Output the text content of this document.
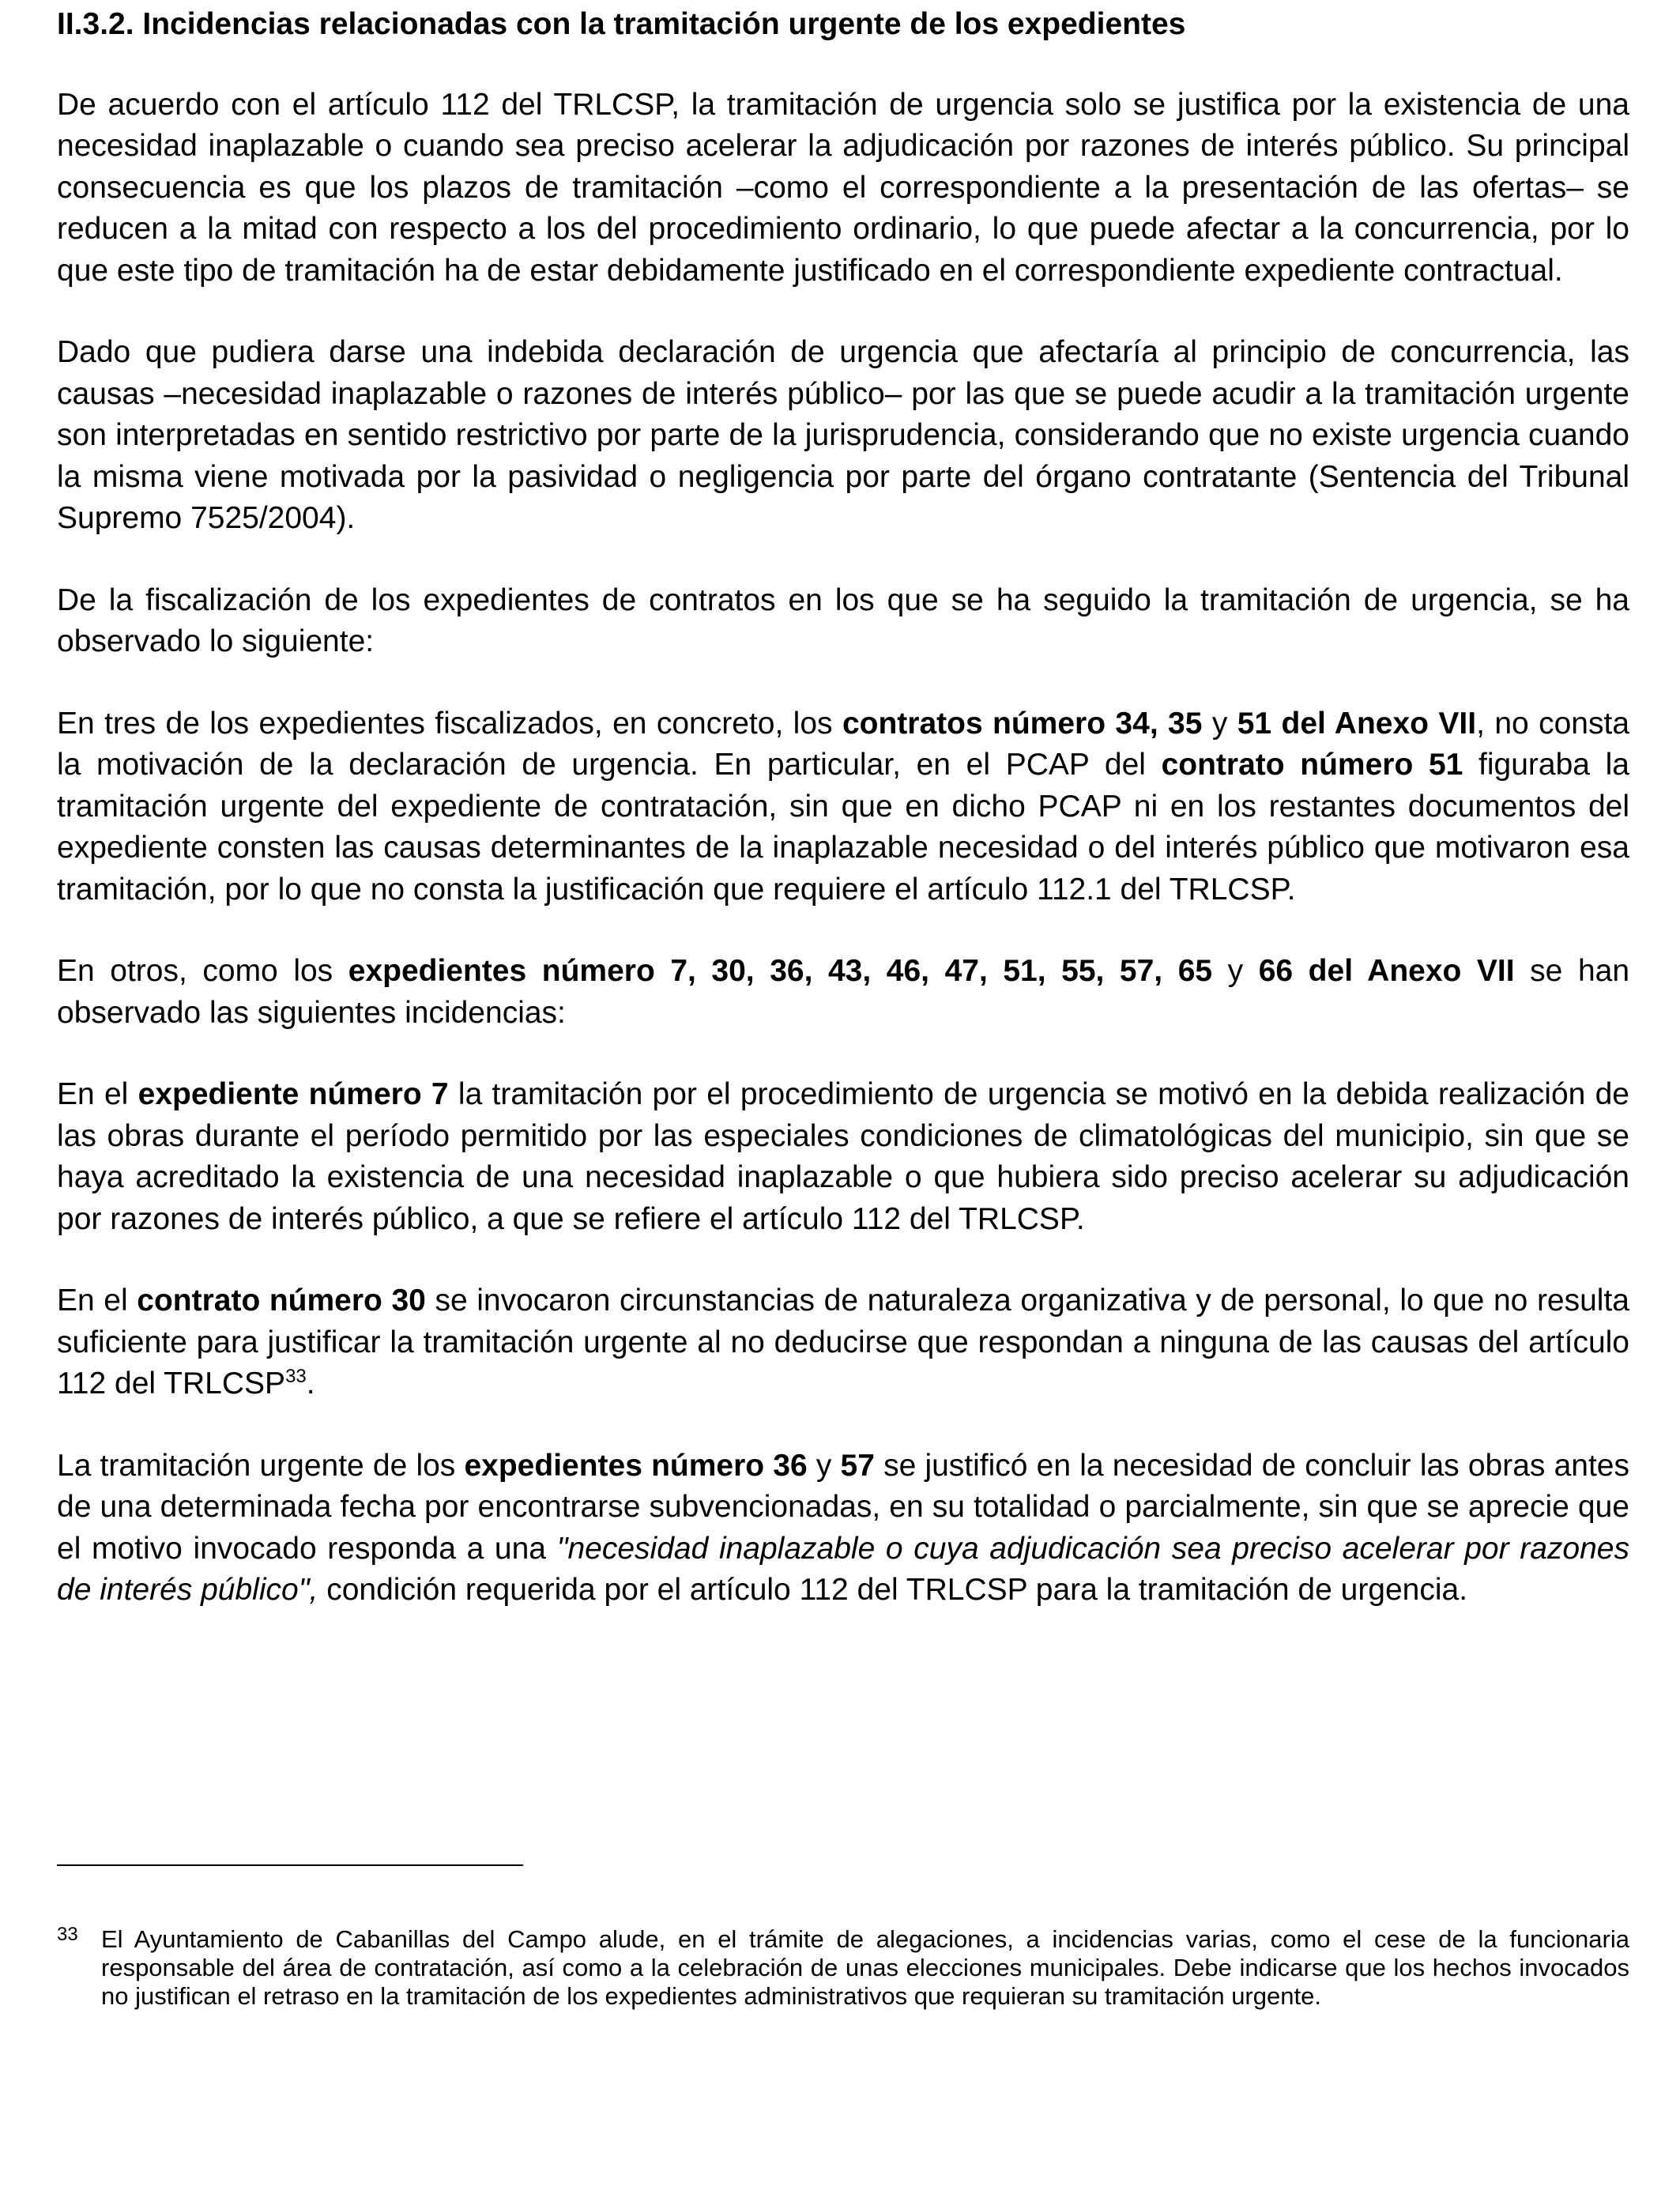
II.3.2. Incidencias relacionadas con la tramitación urgente de los expedientes

De acuerdo con el artículo 112 del TRLCSP, la tramitación de urgencia solo se justifica por la existencia de una necesidad inaplazable o cuando sea preciso acelerar la adjudicación por razones de interés público. Su principal consecuencia es que los plazos de tramitación –como el correspondiente a la presentación de las ofertas– se reducen a la mitad con respecto a los del procedimiento ordinario, lo que puede afectar a la concurrencia, por lo que este tipo de tramitación ha de estar debidamente justificado en el correspondiente expediente contractual.

Dado que pudiera darse una indebida declaración de urgencia que afectaría al principio de concurrencia, las causas –necesidad inaplazable o razones de interés público– por las que se puede acudir a la tramitación urgente son interpretadas en sentido restrictivo por parte de la jurisprudencia, considerando que no existe urgencia cuando la misma viene motivada por la pasividad o negligencia por parte del órgano contratante (Sentencia del Tribunal Supremo 7525/2004).

De la fiscalización de los expedientes de contratos en los que se ha seguido la tramitación de urgencia, se ha observado lo siguiente:

En tres de los expedientes fiscalizados, en concreto, los contratos número 34, 35 y 51 del Anexo VII, no consta la motivación de la declaración de urgencia. En particular, en el PCAP del contrato número 51 figuraba la tramitación urgente del expediente de contratación, sin que en dicho PCAP ni en los restantes documentos del expediente consten las causas determinantes de la inaplazable necesidad o del interés público que motivaron esa tramitación, por lo que no consta la justificación que requiere el artículo 112.1 del TRLCSP.

En otros, como los expedientes número 7, 30, 36, 43, 46, 47, 51, 55, 57, 65 y 66 del Anexo VII se han observado las siguientes incidencias:

En el expediente número 7 la tramitación por el procedimiento de urgencia se motivó en la debida realización de las obras durante el período permitido por las especiales condiciones de climatológicas del municipio, sin que se haya acreditado la existencia de una necesidad inaplazable o que hubiera sido preciso acelerar su adjudicación por razones de interés público, a que se refiere el artículo 112 del TRLCSP.

En el contrato número 30 se invocaron circunstancias de naturaleza organizativa y de personal, lo que no resulta suficiente para justificar la tramitación urgente al no deducirse que respondan a ninguna de las causas del artículo 112 del TRLCSP$^{33}$.

La tramitación urgente de los expedientes número 36 y 57 se justificó en la necesidad de concluir las obras antes de una determinada fecha por encontrarse subvencionadas, en su totalidad o parcialmente, sin que se aprecie que el motivo invocado responda a una "necesidad inaplazable o cuya adjudicación sea preciso acelerar por razones de interés público", condición requerida por el artículo 112 del TRLCSP para la tramitación de urgencia.

33 El Ayuntamiento de Cabanillas del Campo alude, en el trámite de alegaciones, a incidencias varias, como el cese de la funcionaria responsable del área de contratación, así como a la celebración de unas elecciones municipales. Debe indicarse que los hechos invocados no justifican el retraso en la tramitación de los expedientes administrativos que requieran su tramitación urgente.
